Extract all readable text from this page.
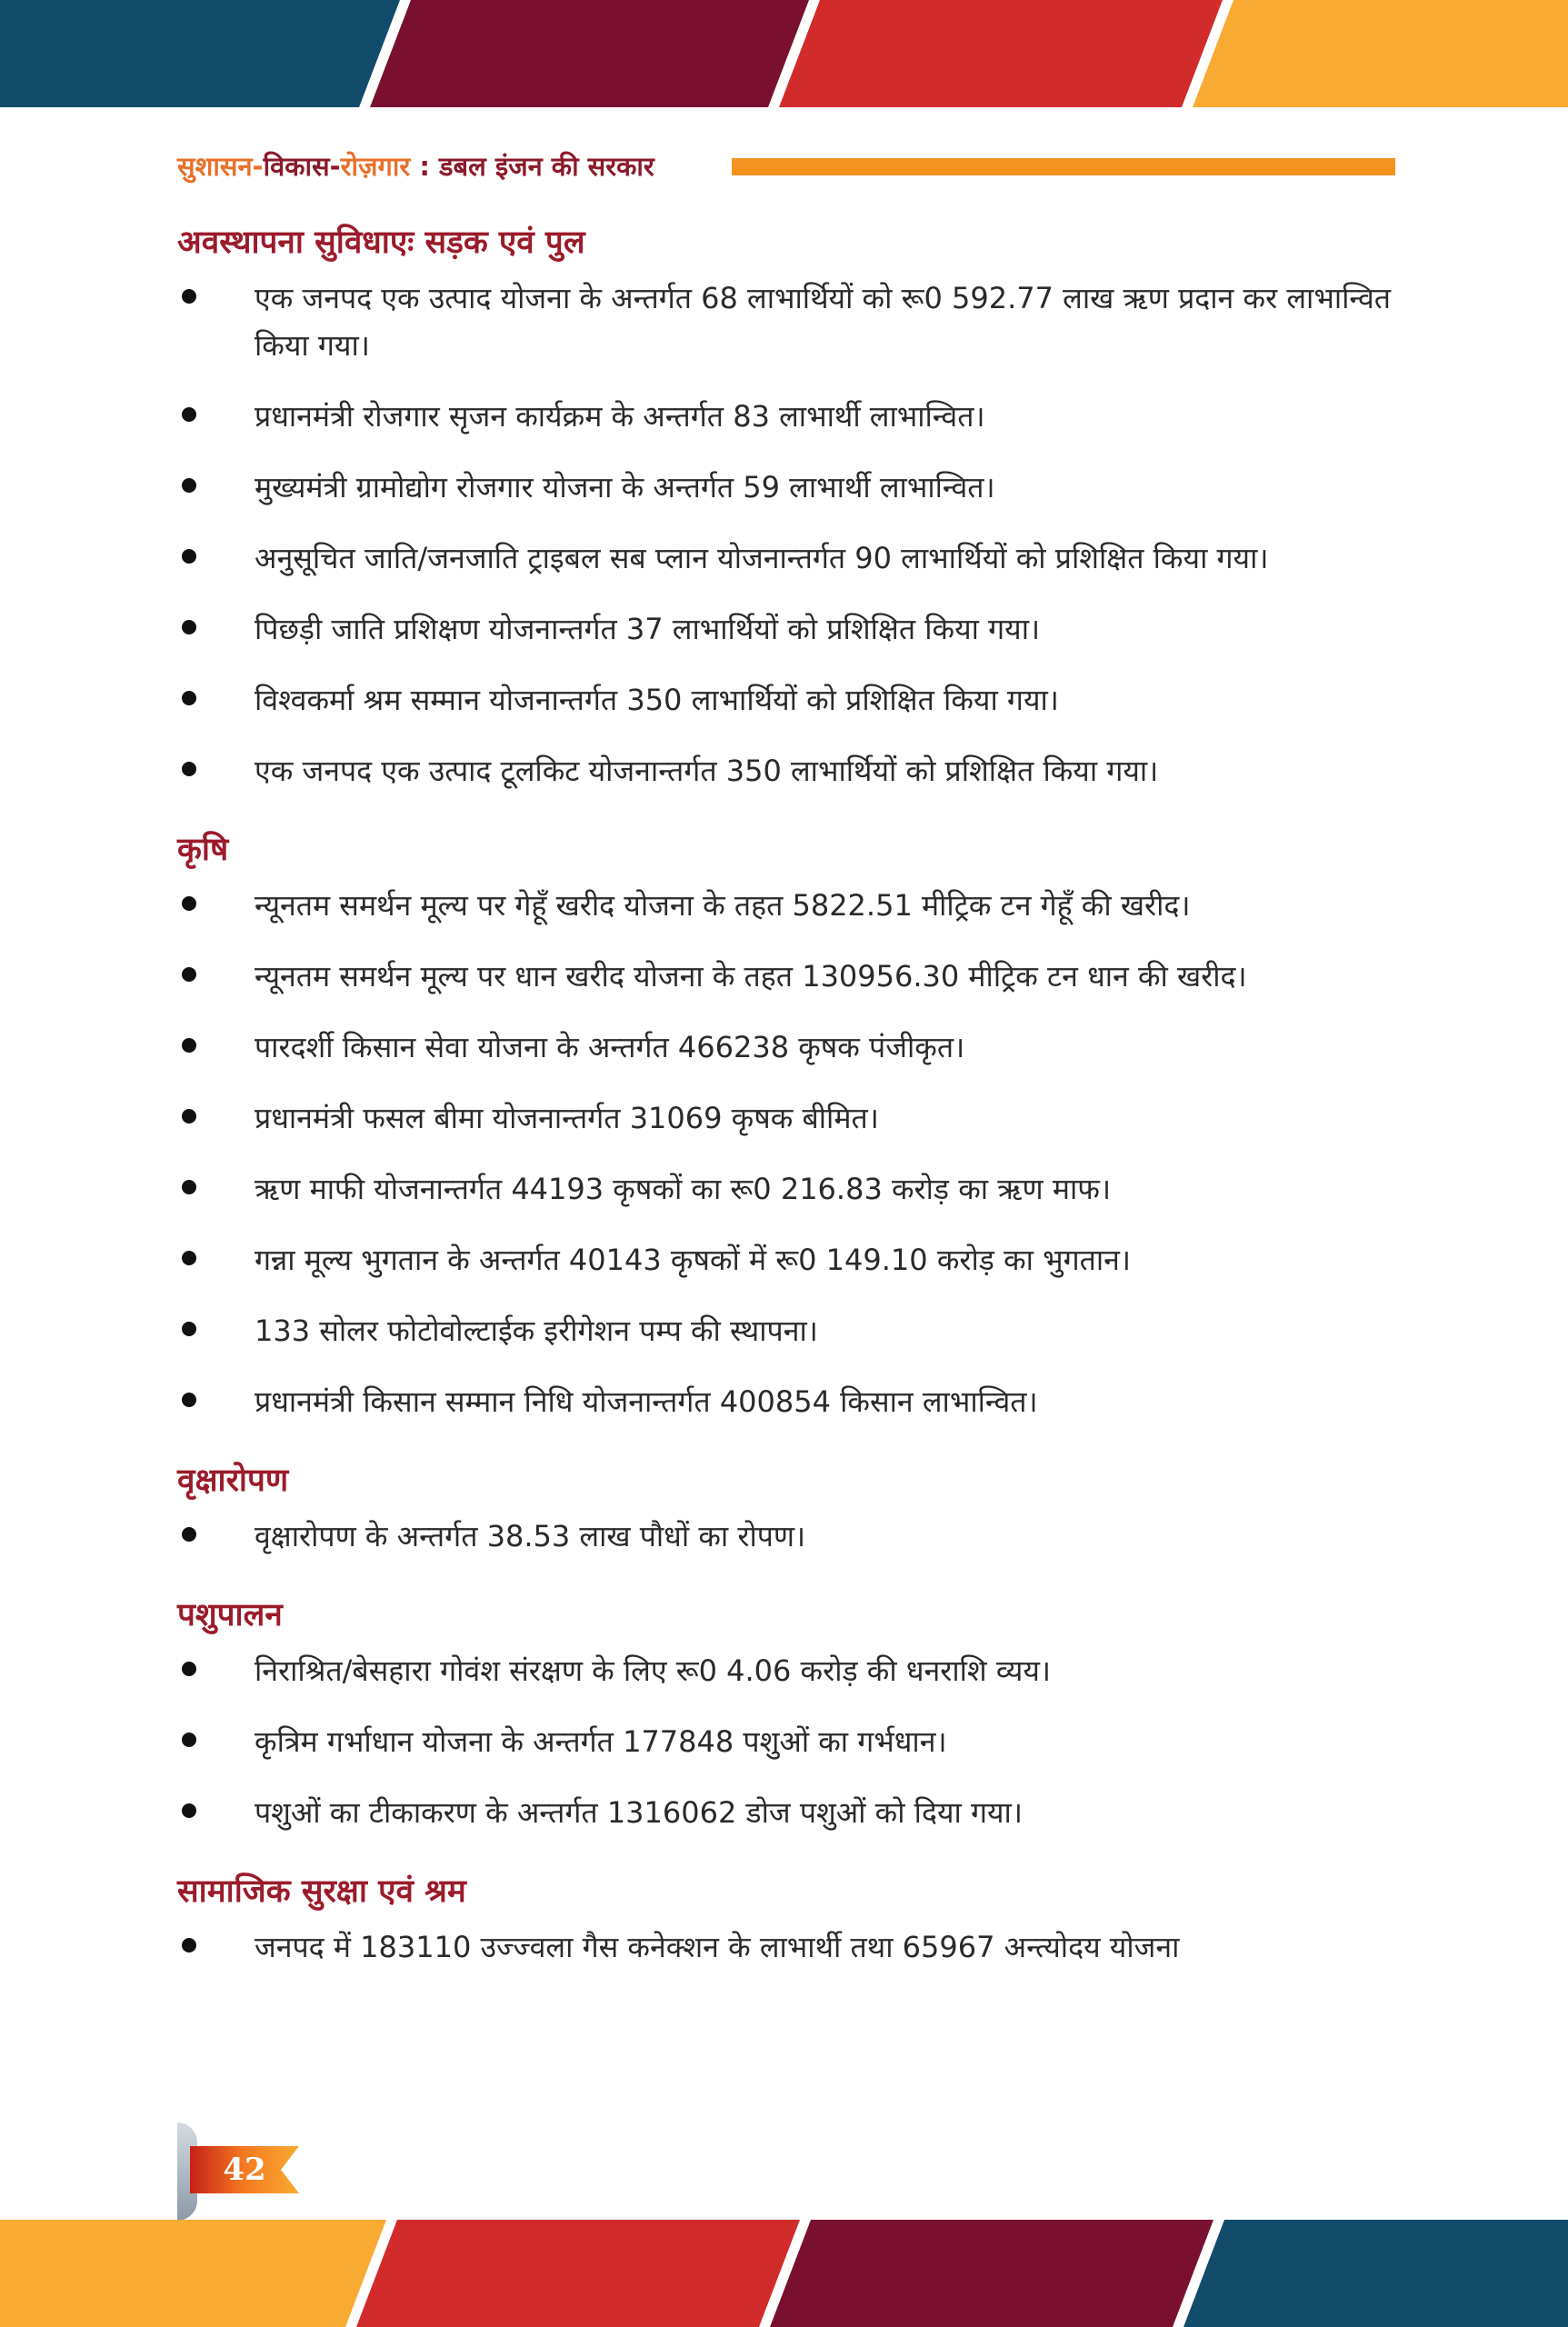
सुशासन-विकास-रोज़गार : डबल इंजन की सरकार
अवस्थापना सुविधाएः सड़क एवं पुल
एक जनपद एक उत्पाद योजना के अन्तर्गत 68 लाभार्थियों को रू0 592.77 लाख ऋण प्रदान कर लाभान्वित किया गया।
प्रधानमंत्री रोजगार सृजन कार्यक्रम के अन्तर्गत 83 लाभार्थी लाभान्वित।
मुख्यमंत्री ग्रामोद्योग रोजगार योजना के अन्तर्गत 59 लाभार्थी लाभान्वित।
अनुसूचित जाति/जनजाति ट्राइबल सब प्लान योजनान्तर्गत 90 लाभार्थियों को प्रशिक्षित किया गया।
पिछड़ी जाति प्रशिक्षण योजनान्तर्गत 37 लाभार्थियों को प्रशिक्षित किया गया।
विश्वकर्मा श्रम सम्मान योजनान्तर्गत 350 लाभार्थियों को प्रशिक्षित किया गया।
एक जनपद एक उत्पाद टूलकिट योजनान्तर्गत 350 लाभार्थियों को प्रशिक्षित किया गया।
कृषि
न्यूनतम समर्थन मूल्य पर गेहूँ खरीद योजना के तहत 5822.51 मीट्रिक टन गेहूँ की खरीद।
न्यूनतम समर्थन मूल्य पर धान खरीद योजना के तहत 130956.30 मीट्रिक टन धान की खरीद।
पारदर्शी किसान सेवा योजना के अन्तर्गत 466238 कृषक पंजीकृत।
प्रधानमंत्री फसल बीमा योजनान्तर्गत 31069 कृषक बीमित।
ऋण माफी योजनान्तर्गत 44193 कृषकों का रू0 216.83 करोड़ का ऋण माफ।
गन्ना मूल्य भुगतान के अन्तर्गत 40143 कृषकों में रू0 149.10 करोड़ का भुगतान।
133 सोलर फोटोवोल्टाईक इरीगेशन पम्प की स्थापना।
प्रधानमंत्री किसान सम्मान निधि योजनान्तर्गत 400854 किसान लाभान्वित।
वृक्षारोपण
वृक्षारोपण के अन्तर्गत 38.53 लाख पौधों का रोपण।
पशुपालन
निराश्रित/बेसहारा गोवंश संरक्षण के लिए रू0 4.06 करोड़ की धनराशि व्यय।
कृत्रिम गर्भाधान योजना के अन्तर्गत 177848 पशुओं का गर्भधान।
पशुओं का टीकाकरण के अन्तर्गत 1316062 डोज पशुओं को दिया गया।
सामाजिक सुरक्षा एवं श्रम
जनपद में 183110 उज्ज्वला गैस कनेक्शन के लाभार्थी तथा 65967 अन्त्योदय योजना
42
